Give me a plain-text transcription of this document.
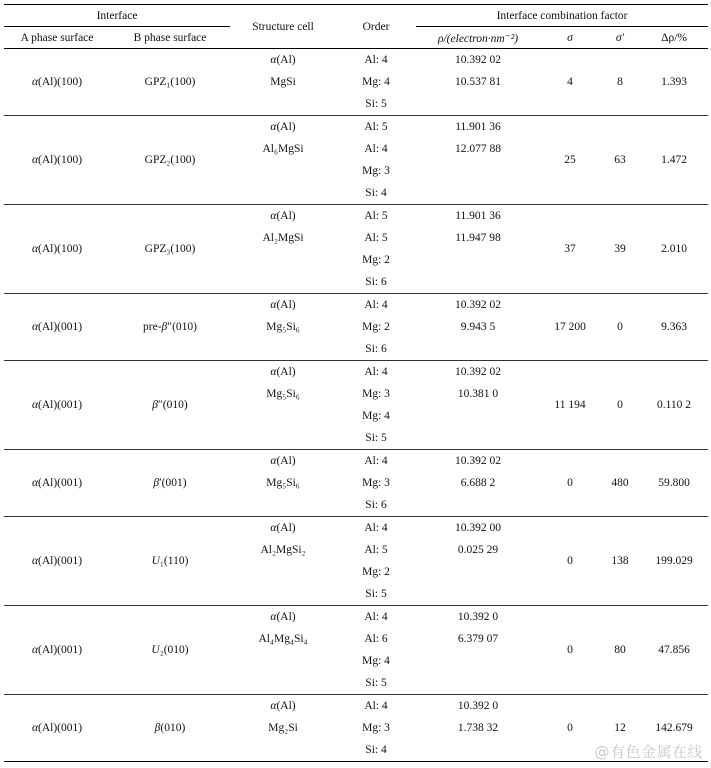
Interface		Structure cell	Order	Interface combination factor			
A phase surface	B phase surface			ρ/(electron·nm⁻²)	σ	σ′	Δρ/%
α(Al)(100)	GPZ₁(100)	α(Al)	Al: 4	10.392 02	4	8	1.393
		MgSi	Mg: 4	10.537 81			
			Si: 5				
α(Al)(100)	GPZ₂(100)	α(Al)	Al: 5	11.901 36	25	63	1.472
		Al₆MgSi	Al: 4	12.077 88			
			Mg: 3				
			Si: 4				
α(Al)(100)	GPZ₃(100)	α(Al)	Al: 5	11.901 36	37	39	2.010
		Al₂MgSi	Al: 5	11.947 98			
			Mg: 2				
			Si: 6				
α(Al)(001)	pre-β″(010)	α(Al)	Al: 4	10.392 02	17 200	0	9.363
		Mg₅Si₆	Mg: 2	9.943 5			
			Si: 6				
α(Al)(001)	β″(010)	α(Al)	Al: 4	10.392 02	11 194	0	0.110 2
		Mg₅Si₆	Mg: 3	10.381 0			
			Mg: 4				
			Si: 5				
α(Al)(001)	β′(001)	α(Al)	Al: 4	10.392 02	0	480	59.800
		Mg₅Si₆	Mg: 3	6.688 2			
			Si: 6				
α(Al)(001)	U₁(110)	α(Al)	Al: 4	10.392 00	0	138	199.029
		Al₂MgSi₂	Al: 5	0.025 29			
			Mg: 2				
			Si: 5				
α(Al)(001)	U₂(010)	α(Al)	Al: 4	10.392 0	0	80	47.856
		Al₄Mg₄Si₄	Al: 6	6.379 07			
			Mg: 4				
			Si: 5				
α(Al)(001)	β(010)	α(Al)	Al: 4	10.392 0	0	12	142.679
		Mg₂Si	Mg: 3	1.738 32			
			Si: 4					@有色金属在线
